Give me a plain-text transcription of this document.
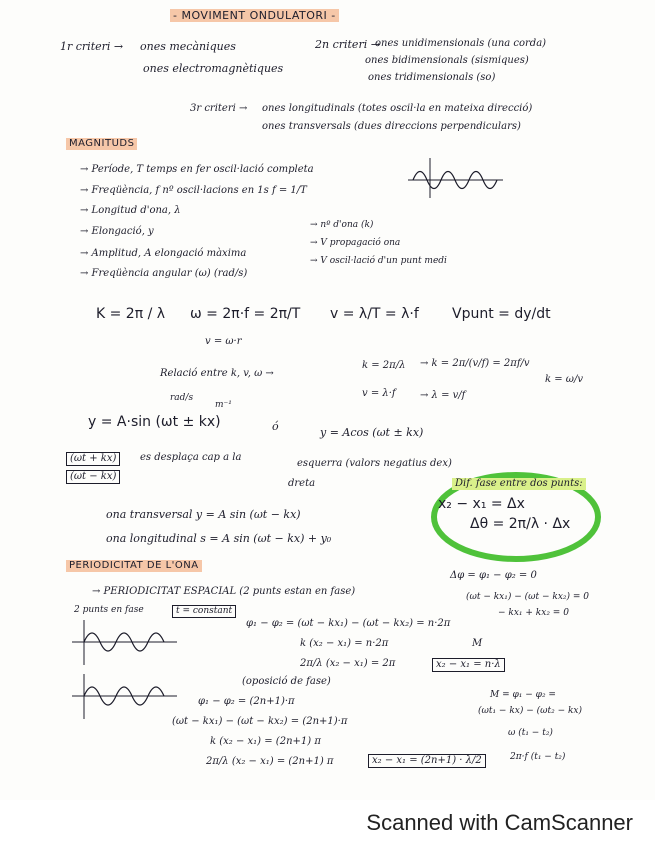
- MOVIMENT ONDULATORI -
1r criteri → ones mecàniques
ones electromagnètiques
2n criteri →
ones unidimensionals (una corda)
ones bidimensionals (sismiques)
ones tridimensionals (so)
3r criteri → ones longitudinals (totes oscil·la en mateixa direcció)
ones transversals (dues direccions perpendiculars)
MAGNITUDS
→ Període, T temps en fer oscil·lació completa
→ Freqüència, f nº oscil·lacions en 1s f = 1/T
→ Longitud d'ona, λ
→ Elongació, y
→ Amplitud, A elongació màxima
→ Freqüència angular (ω) (rad/s)
→ nº d'ona (k)
→ V propagació ona
→ V oscil·lació d'un punt medi
K = 2π / λ ω = 2π·f = 2π/T v = λ/T = λ·f Vpunt = dy/dt
v = ω·r
Relació entre k, v, ω →
k = 2π/λ
v = λ·f
→ k = 2π/(v/f) = 2πf/v
→ λ = v/f
k = ω/v
rad/s
m⁻¹
y = A·sin (ωt ± kx)	ó	y = Acos (ωt ± kx)
(ωt + kx)
(ωt − kx)
es desplaça cap a la
esquerra (valors negatius dex)
dreta	Dif. fase entre dos punts:
x₂ − x₁ = Δx
Δθ = 2π/λ · Δx
ona transversal y = A sin (ωt − kx)
ona longitudinal s = A sin (ωt − kx) + y₀
PERIODICITAT DE L'ONA
→ PERIODICITAT ESPACIAL (2 punts estan en fase)
2 punts en fase	t = constant
Δφ = φ₁ − φ₂ = 0
(ωt − kx₁) − (ωt − kx₂) = 0
− kx₁ + kx₂ = 0
φ₁ − φ₂ = (ωt − kx₁) − (ωt − kx₂) = n·2π
k (x₂ − x₁) = n·2π
2π/λ (x₂ − x₁) = 2π	x₂ − x₁ = n·λ
M
(oposició de fase)
φ₁ − φ₂ = (2n+1)·π
(ωt − kx₁) − (ωt − kx₂) = (2n+1)·π
k (x₂ − x₁) = (2n+1) π
2π/λ (x₂ − x₁) = (2n+1) π	x₂ − x₁ = (2n+1) · λ/2
M = φ₁ − φ₂ =
(ωt₁ − kx) − (ωt₂ − kx)
ω (t₁ − t₂)
2π·f (t₁ − t₂)
Scanned with CamScanner
